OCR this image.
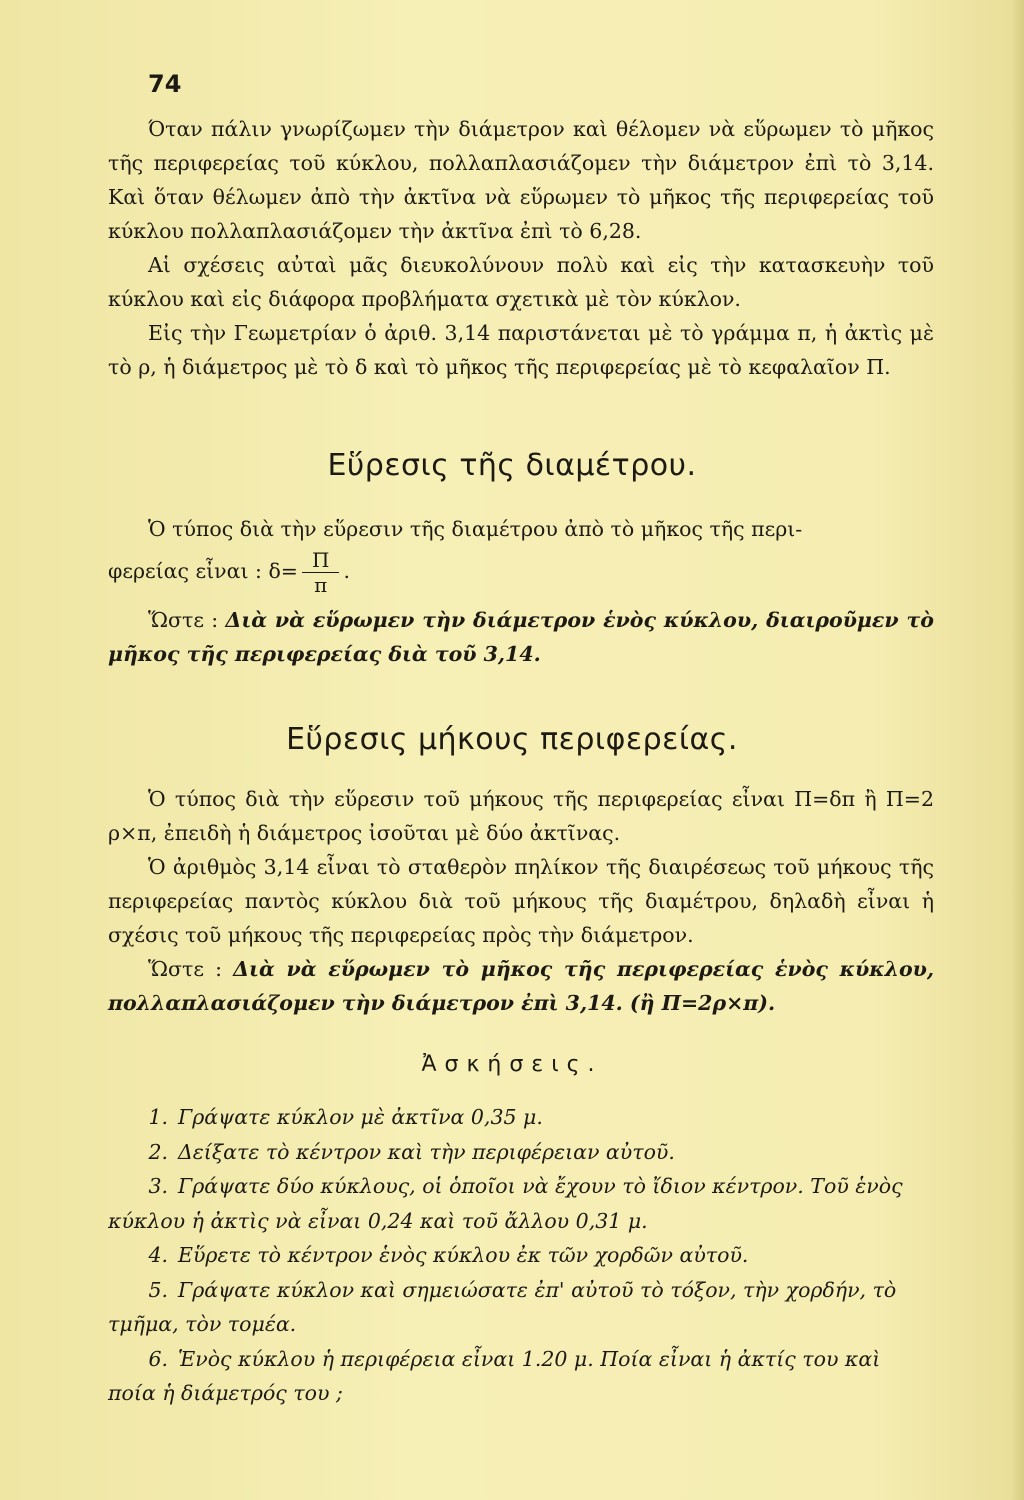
74

Όταν πάλιν γνωρίζωμεν τὴν διάμετρον καὶ θέλομεν νὰ εὕρωμεν τὸ μῆκος τῆς περιφερείας τοῦ κύκλου, πολλαπλασιάζομεν τὴν διάμετρον ἐπὶ τὸ 3,14. Καὶ ὅταν θέλωμεν ἀπὸ τὴν ἀκτῖνα νὰ εὕρωμεν τὸ μῆκος τῆς περιφερείας τοῦ κύκλου πολλαπλασιάζομεν τὴν ἀκτῖνα ἐπὶ τὸ 6,28.

Αἱ σχέσεις αὐταὶ μᾶς διευκολύνουν πολὺ καὶ εἰς τὴν κατασκευὴν τοῦ κύκλου καὶ εἰς διάφορα προβλήματα σχετικὰ μὲ τὸν κύκλον.

Εἰς τὴν Γεωμετρίαν ὁ ἀριθ. 3,14 παριστάνεται μὲ τὸ γράμμα π, ἡ ἀκτὶς μὲ τὸ ρ, ἡ διάμετρος μὲ τὸ δ καὶ τὸ μῆκος τῆς περιφερείας μὲ τὸ κεφαλαῖον Π.

Εὕρεσις τῆς διαμέτρου.

Ὁ τύπος διὰ τὴν εὕρεσιν τῆς διαμέτρου ἀπὸ τὸ μῆκος τῆς περι-

φερείας εἶναι : $\delta= \frac{\Pi}{\pi}$ .

Ὥστε : Διὰ νὰ εὕρωμεν τὴν διάμετρον ἑνὸς κύκλου, διαιροῦμεν τὸ μῆκος τῆς περιφερείας διὰ τοῦ 3,14.

Εὕρεσις μήκους περιφερείας.

Ὁ τύπος διὰ τὴν εὕρεσιν τοῦ μήκους τῆς περιφερείας εἶναι Π=δπ ἢ Π=2 ρ×π, ἐπειδὴ ἡ διάμετρος ἰσοῦται μὲ δύο ἀκτῖνας.

Ὁ ἀριθμὸς 3,14 εἶναι τὸ σταθερὸν πηλίκον τῆς διαιρέσεως τοῦ μήκους τῆς περιφερείας παντὸς κύκλου διὰ τοῦ μήκους τῆς διαμέτρου, δηλαδὴ εἶναι ἡ σχέσις τοῦ μήκους τῆς περιφερείας πρὸς τὴν διάμετρον.

Ὥστε : Διὰ νὰ εὕρωμεν τὸ μῆκος τῆς περιφερείας ἑνὸς κύκλου, πολλαπλασιάζομεν τὴν διάμετρον ἐπὶ 3,14. (ἢ Π=2ρ×π).

Ἀσκήσεις.

1. Γράψατε κύκλον μὲ ἀκτῖνα 0,35 μ.

2. Δείξατε τὸ κέντρον καὶ τὴν περιφέρειαν αὐτοῦ.

3. Γράψατε δύο κύκλους, οἱ ὁποῖοι νὰ ἔχουν τὸ ἴδιον κέντρον. Τοῦ ἑνὸς κύκλου ἡ ἀκτὶς νὰ εἶναι 0,24 καὶ τοῦ ἄλλου 0,31 μ.

4. Εὕρετε τὸ κέντρον ἑνὸς κύκλου ἐκ τῶν χορδῶν αὐτοῦ.

5. Γράψατε κύκλον καὶ σημειώσατε ἐπ' αὐτοῦ τὸ τόξον, τὴν χορδήν, τὸ τμῆμα, τὸν τομέα.

6. Ἑνὸς κύκλου ἡ περιφέρεια εἶναι 1.20 μ. Ποία εἶναι ἡ ἀκτίς του καὶ ποία ἡ διάμετρός του ;
